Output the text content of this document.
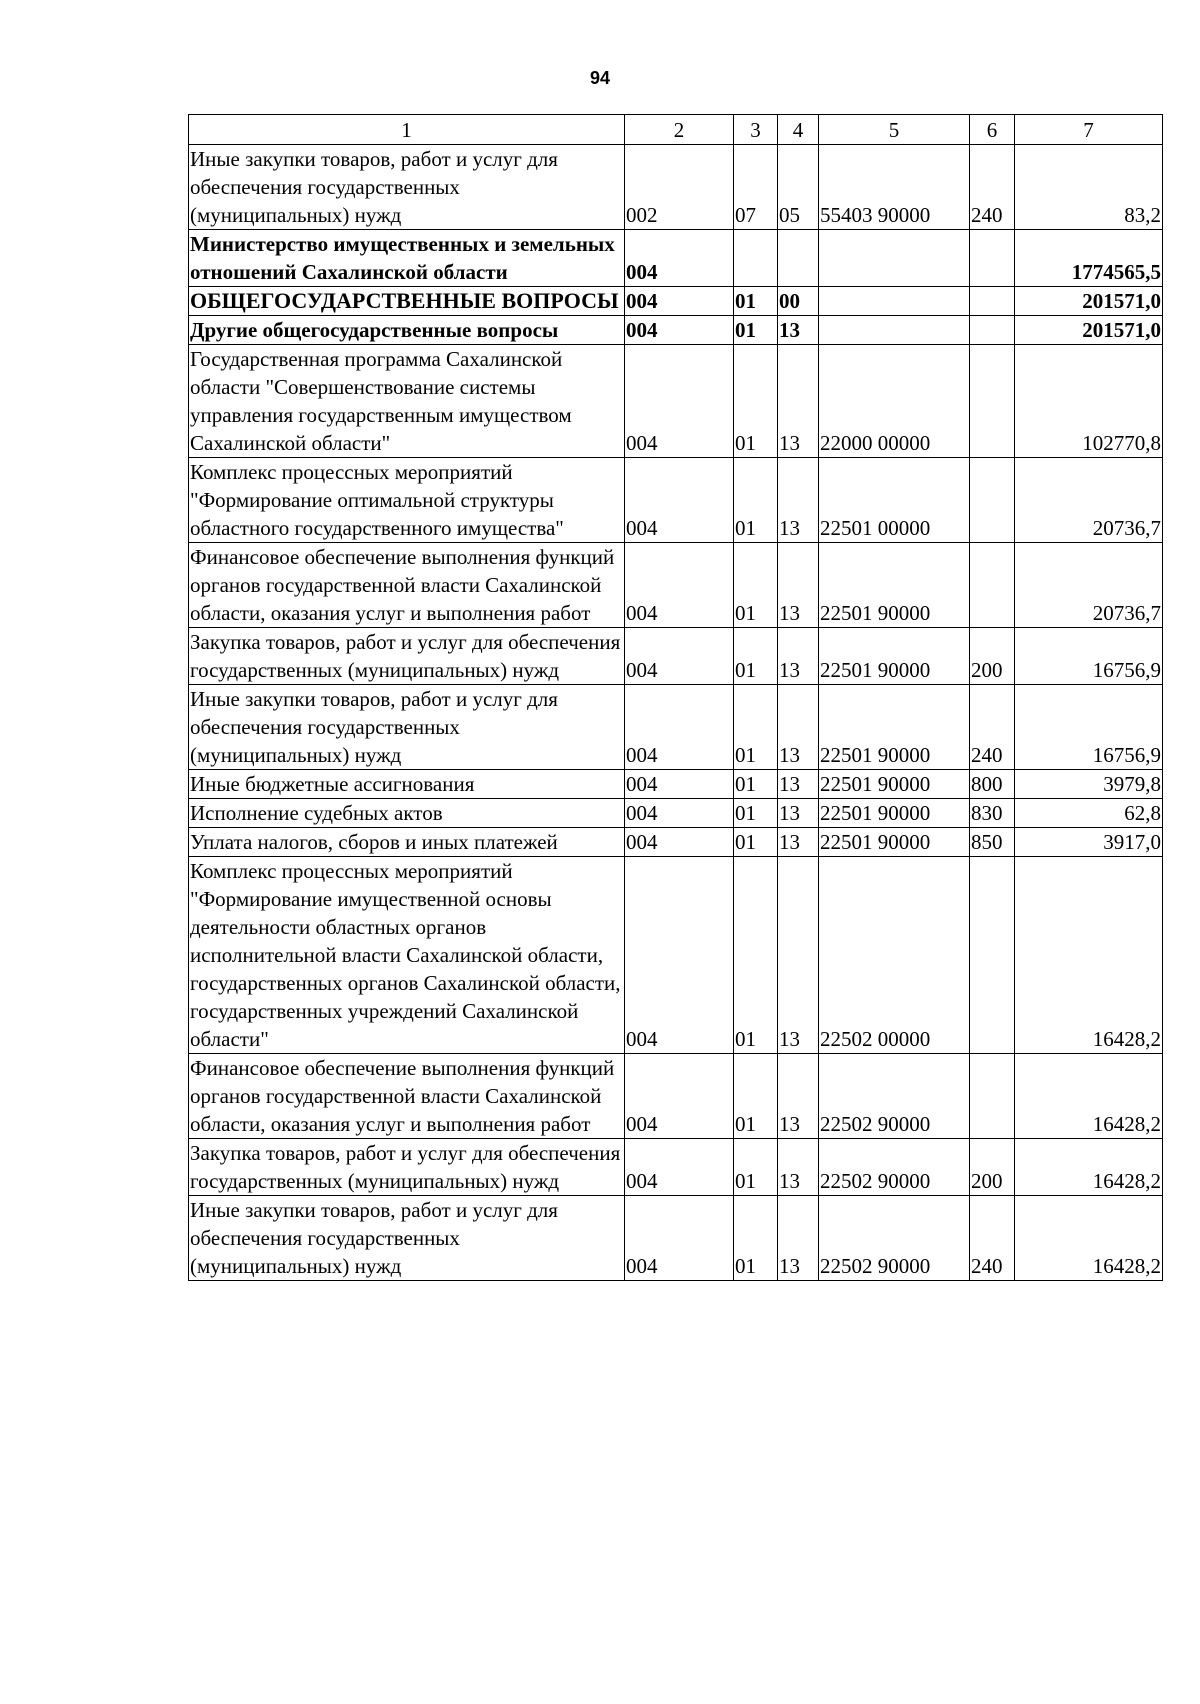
94
1	2	3	4	5	6	7
Иные закупки товаров, работ и услуг для обеспечения государственных (муниципальных) нужд	002	07	05	55403 90000	240	83,2
Министерство имущественных и земельных отношений Сахалинской области	004					1774565,5
ОБЩЕГОСУДАРСТВЕННЫЕ ВОПРОСЫ	004	01	00			201571,0
Другие общегосударственные вопросы	004	01	13			201571,0
Государственная программа Сахалинской области "Совершенствование системы управления государственным имуществом Сахалинской области"	004	01	13	22000 00000		102770,8
Комплекс процессных мероприятий "Формирование оптимальной структуры областного государственного имущества"	004	01	13	22501 00000		20736,7
Финансовое обеспечение выполнения функций органов государственной власти Сахалинской области, оказания услуг и выполнения работ	004	01	13	22501 90000		20736,7
Закупка товаров, работ и услуг для обеспечения государственных (муниципальных) нужд	004	01	13	22501 90000	200	16756,9
Иные закупки товаров, работ и услуг для обеспечения государственных (муниципальных) нужд	004	01	13	22501 90000	240	16756,9
Иные бюджетные ассигнования	004	01	13	22501 90000	800	3979,8
Исполнение судебных актов	004	01	13	22501 90000	830	62,8
Уплата налогов, сборов и иных платежей	004	01	13	22501 90000	850	3917,0
Комплекс процессных мероприятий "Формирование имущественной основы деятельности областных органов исполнительной власти Сахалинской области, государственных органов Сахалинской области, государственных учреждений Сахалинской области"	004	01	13	22502 00000		16428,2
Финансовое обеспечение выполнения функций органов государственной власти Сахалинской области, оказания услуг и выполнения работ	004	01	13	22502 90000		16428,2
Закупка товаров, работ и услуг для обеспечения государственных (муниципальных) нужд	004	01	13	22502 90000	200	16428,2
Иные закупки товаров, работ и услуг для обеспечения государственных (муниципальных) нужд	004	01	13	22502 90000	240	16428,2
